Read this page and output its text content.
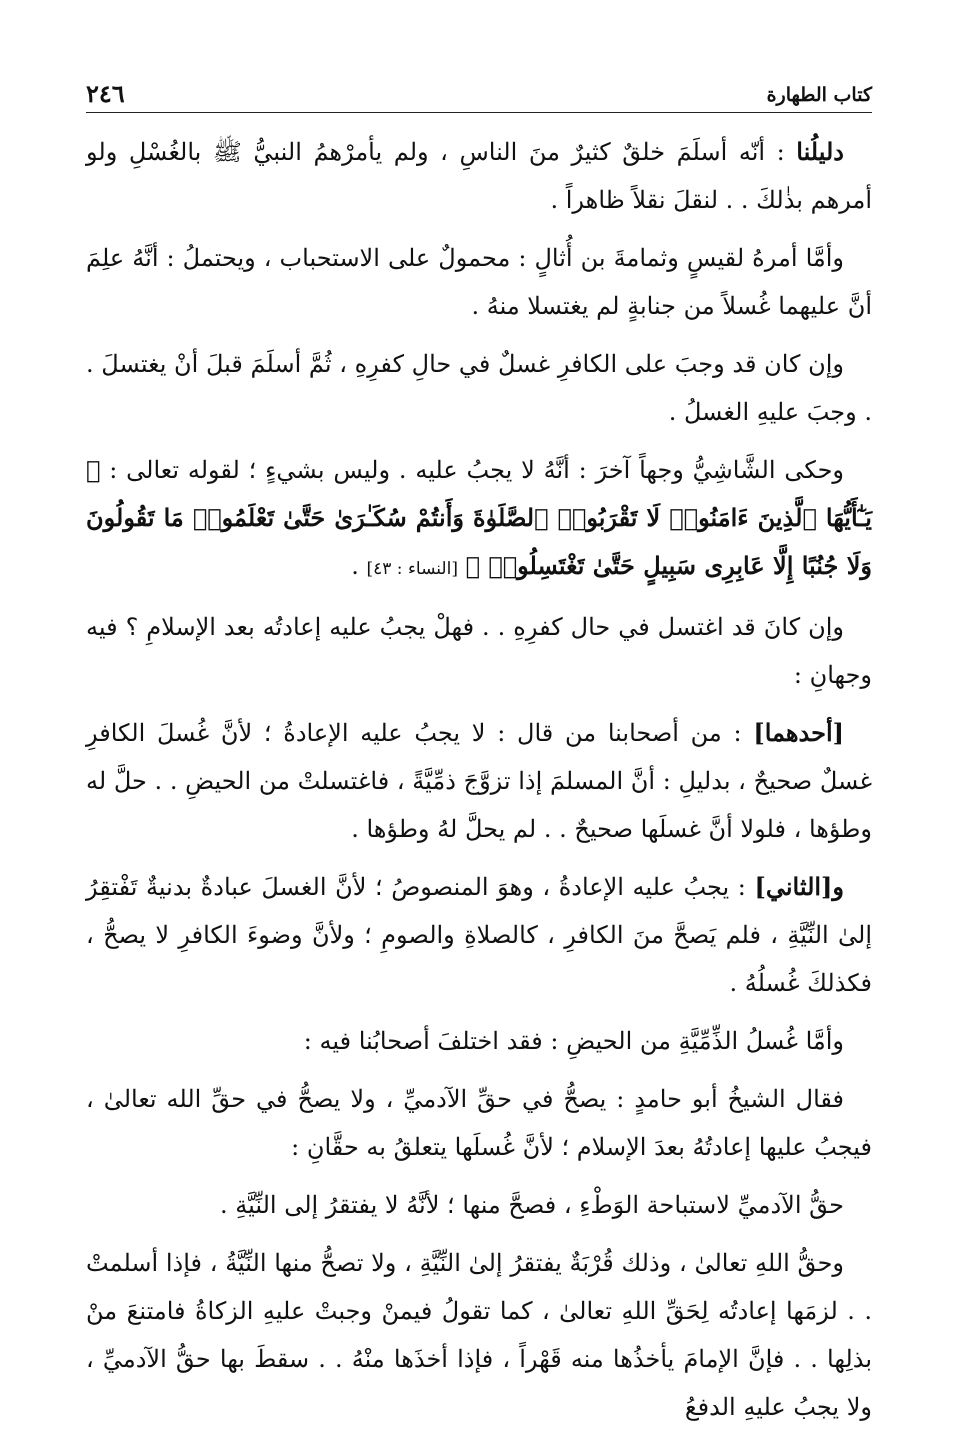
كتاب الطهارة
٢٤٦

دليلُنا : أنّه أسلَمَ خلقٌ كثيرٌ منَ الناسِ ، ولم يأمرْهمُ النبيُّ ﷺ بالغُسْلِ ولو أمرهم بذٰلكَ . . لنقلَ نقلاً ظاهراً .

وأمَّا أمرهُ لقيسٍ وثمامةَ بن أُثالٍ : محمولٌ على الاستحباب ، ويحتملُ : أنَّهُ علِمَ أنَّ عليهما غُسلاً من جنابةٍ لم يغتسلا منهُ .

وإن كان قد وجبَ على الكافرِ غسلٌ في حالِ كفرِهِ ، ثُمَّ أسلَمَ قبلَ أنْ يغتسلَ . . وجبَ عليهِ الغسلُ .

وحكى الشَّاشِيُّ وجهاً آخرَ : أنَّهُ لا يجبُ عليه . وليس بشيءٍ ؛ لقوله تعالى : ﴿ يَـٰٓأَيُّهَا ٱلَّذِينَ ءَامَنُوا۟ لَا تَقْرَبُوا۟ ٱلصَّلَوٰةَ وَأَنتُمْ سُكَـٰرَىٰ حَتَّىٰ تَعْلَمُوا۟ مَا تَقُولُونَ وَلَا جُنُبًا إِلَّا عَابِرِى سَبِيلٍ حَتَّىٰ تَغْتَسِلُوا۟ ﴾ [النساء : ٤٣] .

وإن كانَ قد اغتسل في حال كفرِهِ . . فهلْ يجبُ عليه إعادتُه بعد الإسلامِ ؟ فيه وجهانِ :

[أحدهما] : من أصحابنا من قال : لا يجبُ عليه الإعادةُ ؛ لأنَّ غُسلَ الكافرِ غسلٌ صحيحٌ ، بدليلِ : أنَّ المسلمَ إذا تزوَّجَ ذمِّيَّةً ، فاغتسلتْ من الحيضِ . . حلَّ له وطؤها ، فلولا أنَّ غسلَها صحيحٌ . . لم يحلَّ لهُ وطؤها .

و[الثاني] : يجبُ عليه الإعادةُ ، وهوَ المنصوصُ ؛ لأنَّ الغسلَ عبادةٌ بدنيةٌ تَفْتقِرُ إلىٰ النِّيَّةِ ، فلم يَصحَّ منَ الكافرِ ، كالصلاةِ والصومِ ؛ ولأنَّ وضوءَ الكافرِ لا يصحُّ ، فكذلكَ غُسلُهُ .

وأمَّا غُسلُ الذِّمِّيَّةِ من الحيضِ : فقد اختلفَ أصحابُنا فيه :

فقال الشيخُ أبو حامدٍ : يصحُّ في حقِّ الآدميِّ ، ولا يصحُّ في حقِّ الله تعالىٰ ، فيجبُ عليها إعادتُهُ بعدَ الإسلام ؛ لأنَّ غُسلَها يتعلقُ به حقَّانِ :

حقُّ الآدميِّ لاستباحة الوَطْءِ ، فصحَّ منها ؛ لأنَّهُ لا يفتقرُ إلى النِّيَّةِ .

وحقُّ اللهِ تعالىٰ ، وذلك قُرْبَةٌ يفتقرُ إلىٰ النِّيَّةِ ، ولا تصحُّ منها النِّيَّةُ ، فإذا أسلمتْ . . لزمَها إعادتُه لِحَقِّ اللهِ تعالىٰ ، كما تقولُ فيمنْ وجبتْ عليهِ الزكاةُ فامتنعَ منْ بذلِها . . فإنَّ الإمامَ يأخذُها منه قَهْراً ، فإذا أخذَها منْهُ . . سقطَ بها حقُّ الآدميِّ ، ولا يجبُ عليهِ الدفعُ
